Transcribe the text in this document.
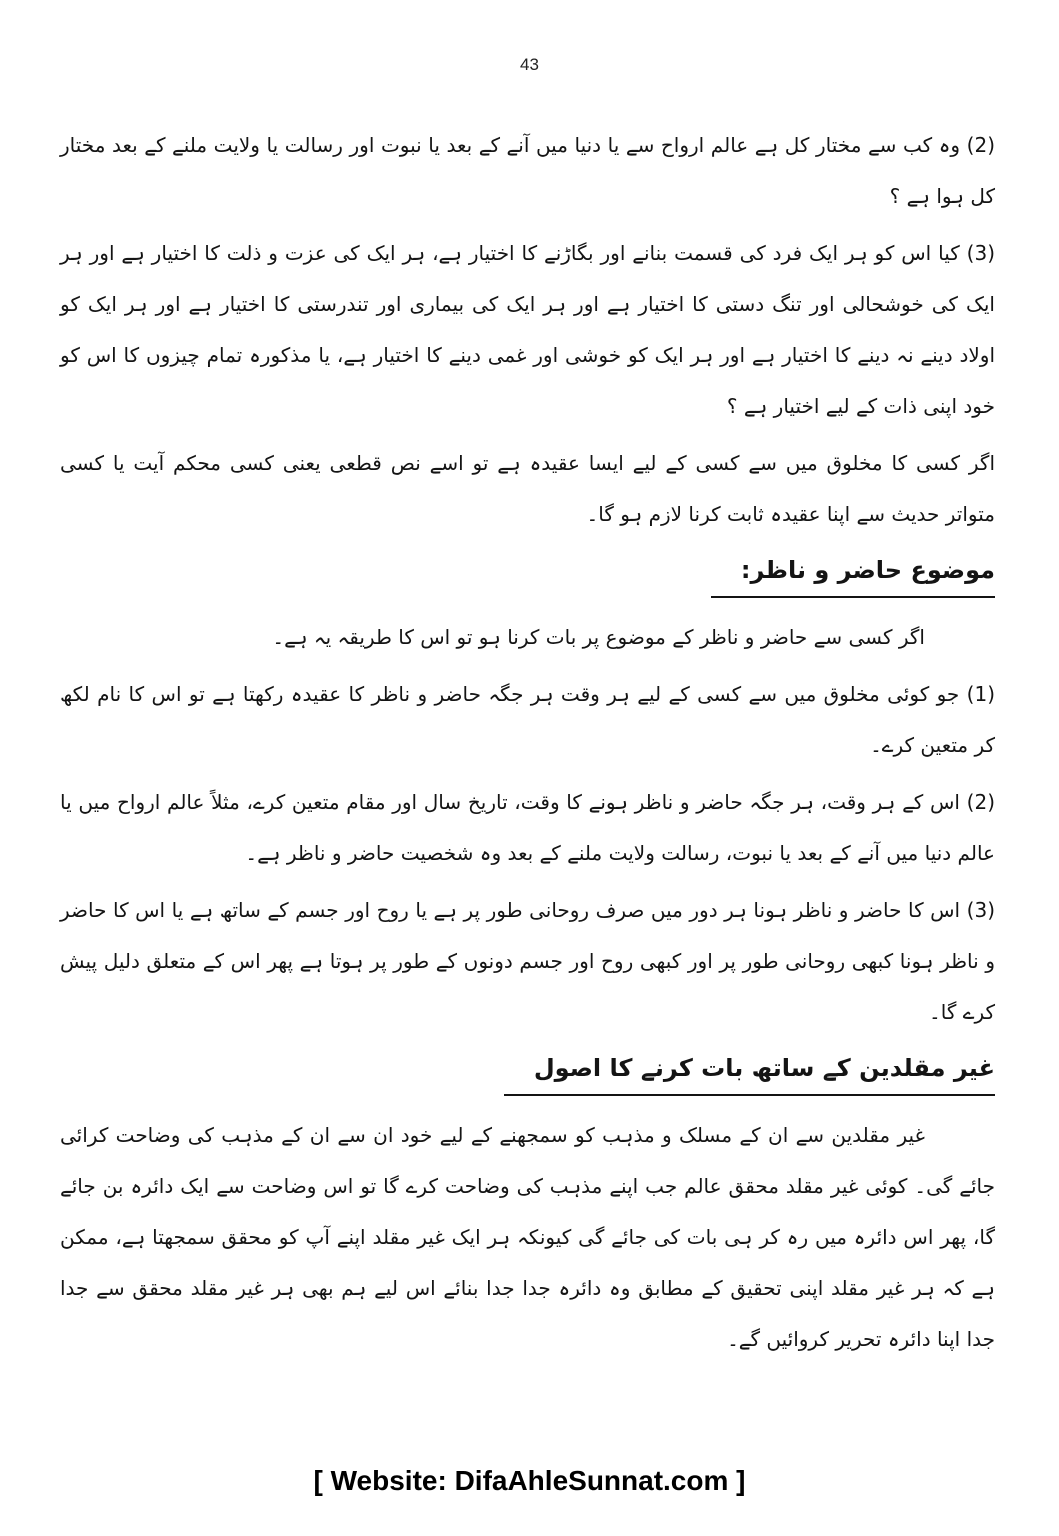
43

(2) وہ کب سے مختار کل ہے عالم ارواح سے یا دنیا میں آنے کے بعد یا نبوت اور رسالت یا ولایت ملنے کے بعد مختار کل ہوا ہے ؟

(3) کیا اس کو ہر ایک فرد کی قسمت بنانے اور بگاڑنے کا اختیار ہے، ہر ایک کی عزت و ذلت کا اختیار ہے اور ہر ایک کی خوشحالی اور تنگ دستی کا اختیار ہے اور ہر ایک کی بیماری اور تندرستی کا اختیار ہے اور ہر ایک کو اولاد دینے نہ دینے کا اختیار ہے اور ہر ایک کو خوشی اور غمی دینے کا اختیار ہے، یا مذکورہ تمام چیزوں کا اس کو خود اپنی ذات کے لیے اختیار ہے ؟

اگر کسی کا مخلوق میں سے کسی کے لیے ایسا عقیدہ ہے تو اسے نص قطعی یعنی کسی محکم آیت یا کسی متواتر حدیث سے اپنا عقیدہ ثابت کرنا لازم ہو گا۔

موضوع حاضر و ناظر:

اگر کسی سے حاضر و ناظر کے موضوع پر بات کرنا ہو تو اس کا طریقہ یہ ہے۔

(1) جو کوئی مخلوق میں سے کسی کے لیے ہر وقت ہر جگہ حاضر و ناظر کا عقیدہ رکھتا ہے تو اس کا نام لکھ کر متعین کرے۔

(2) اس کے ہر وقت، ہر جگہ حاضر و ناظر ہونے کا وقت، تاریخ سال اور مقام متعین کرے، مثلاً عالم ارواح میں یا عالم دنیا میں آنے کے بعد یا نبوت، رسالت ولایت ملنے کے بعد وہ شخصیت حاضر و ناظر ہے۔

(3) اس کا حاضر و ناظر ہونا ہر دور میں صرف روحانی طور پر ہے یا روح اور جسم کے ساتھ ہے یا اس کا حاضر و ناظر ہونا کبھی روحانی طور پر اور کبھی روح اور جسم دونوں کے طور پر ہوتا ہے پھر اس کے متعلق دلیل پیش کرے گا۔

غیر مقلدین کے ساتھ بات کرنے کا اصول

غیر مقلدین سے ان کے مسلک و مذہب کو سمجھنے کے لیے خود ان سے ان کے مذہب کی وضاحت کرائی جائے گی۔ کوئی غیر مقلد محقق عالم جب اپنے مذہب کی وضاحت کرے گا تو اس وضاحت سے ایک دائرہ بن جائے گا، پھر اس دائرہ میں رہ کر ہی بات کی جائے گی کیونکہ ہر ایک غیر مقلد اپنے آپ کو محقق سمجھتا ہے، ممکن ہے کہ ہر غیر مقلد اپنی تحقیق کے مطابق وہ دائرہ جدا جدا بنائے اس لیے ہم بھی ہر غیر مقلد محقق سے جدا جدا اپنا دائرہ تحریر کروائیں گے۔

[ Website: DifaAhleSunnat.com ]
